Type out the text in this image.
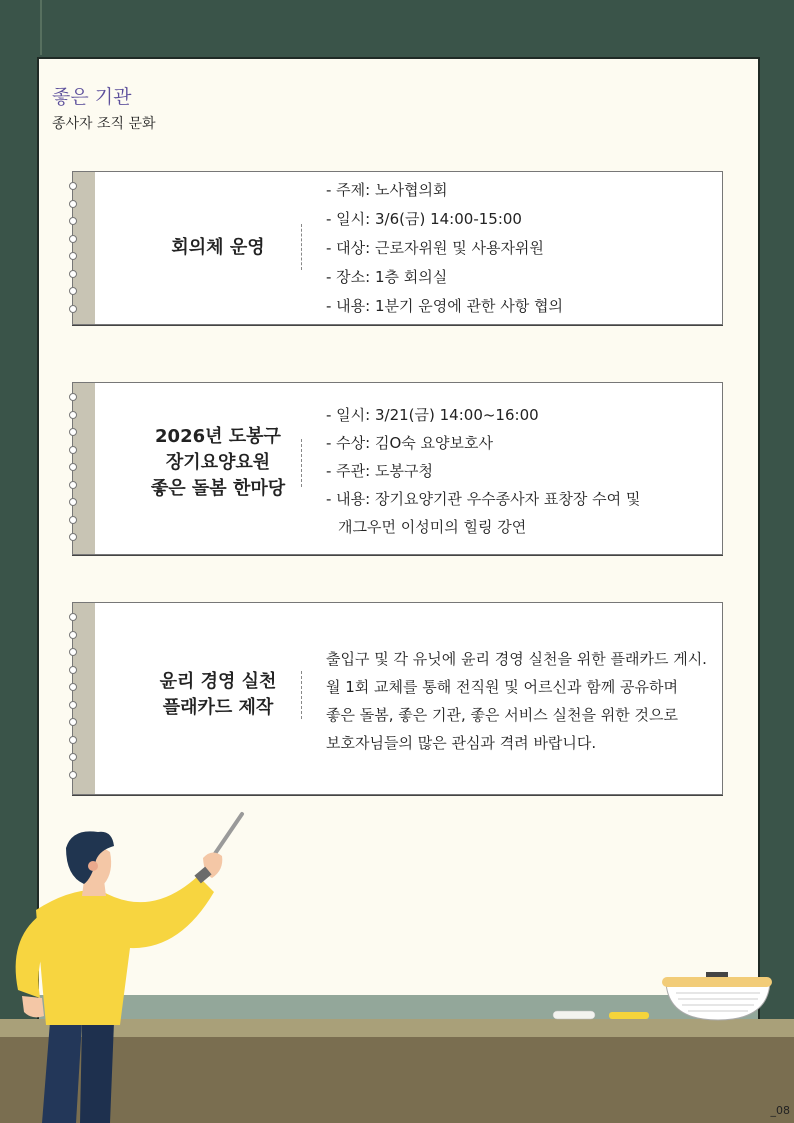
좋은 기관
종사자 조직 문화
회의체 운영
- 주제: 노사협의회
- 일시: 3/6(금) 14:00-15:00
- 대상: 근로자위원 및 사용자위원
- 장소: 1층 회의실
- 내용: 1분기 운영에 관한 사항 협의
2026년 도봉구
장기요양요원
좋은 돌봄 한마당
- 일시: 3/21(금) 14:00~16:00
- 수상: 김O숙 요양보호사
- 주관: 도봉구청
- 내용: 장기요양기관 우수종사자 표창장 수여 및
개그우먼 이성미의 힐링 강연
윤리 경영 실천
플래카드 제작
출입구 및 각 유닛에 윤리 경영 실천을 위한 플래카드 게시.
월 1회 교체를 통해 전직원 및 어르신과 함께 공유하며
좋은 돌봄, 좋은 기관, 좋은 서비스 실천을 위한 것으로
보호자님들의 많은 관심과 격려 바랍니다.
_08
